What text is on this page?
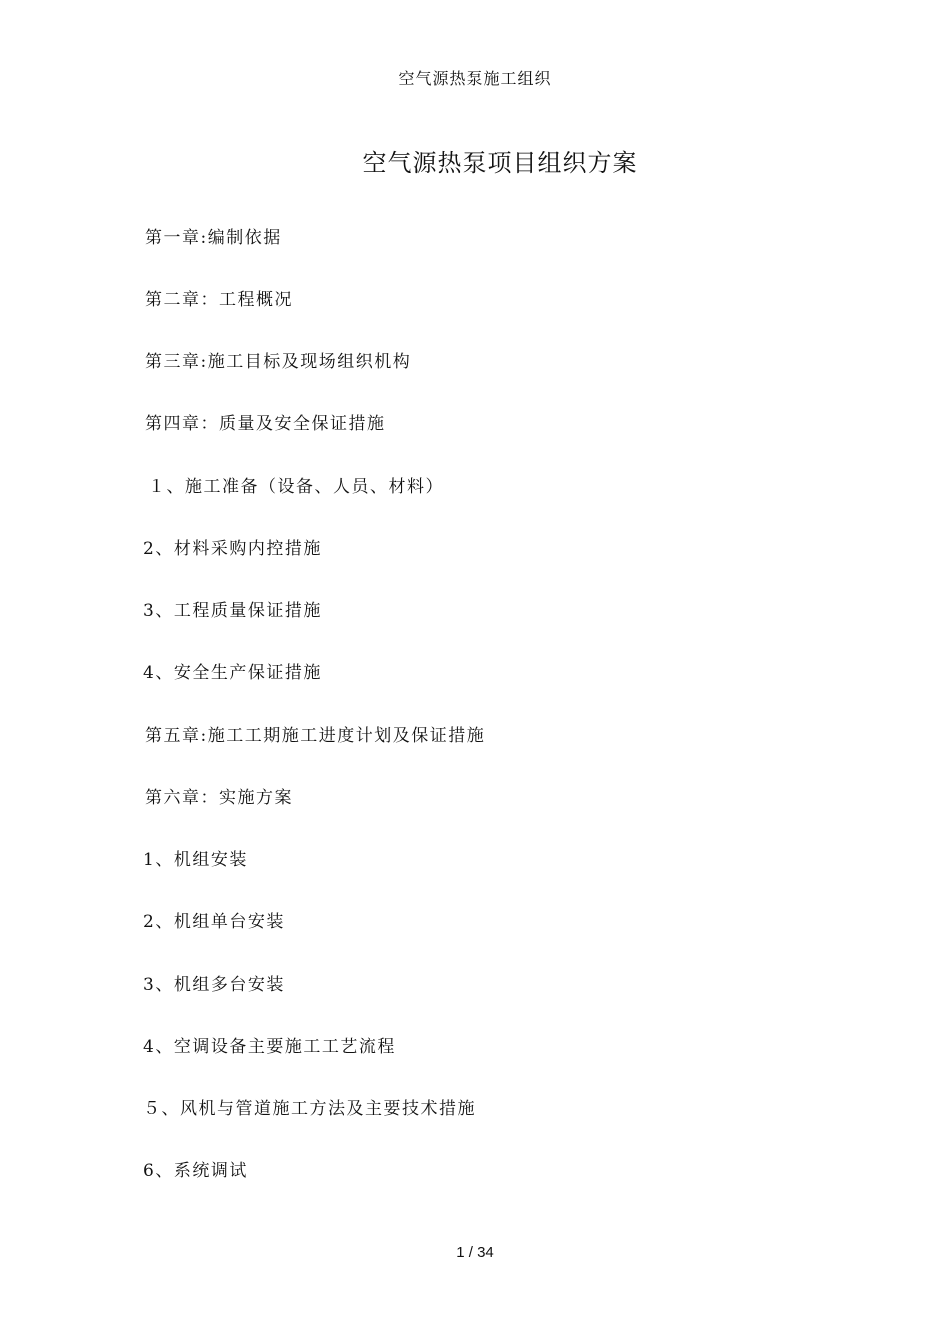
空气源热泵施工组织
空气源热泵项目组织方案
第一章:编制依据
第二章：工程概况
第三章:施工目标及现场组织机构
第四章：质量及安全保证措施
１、施工准备（设备、人员、材料）
2、材料采购内控措施
3、工程质量保证措施
4、安全生产保证措施
第五章:施工工期施工进度计划及保证措施
第六章：实施方案
1、机组安装
2、机组单台安装
3、机组多台安装
4、空调设备主要施工工艺流程
５、风机与管道施工方法及主要技术措施
6、系统调试
1 / 34
